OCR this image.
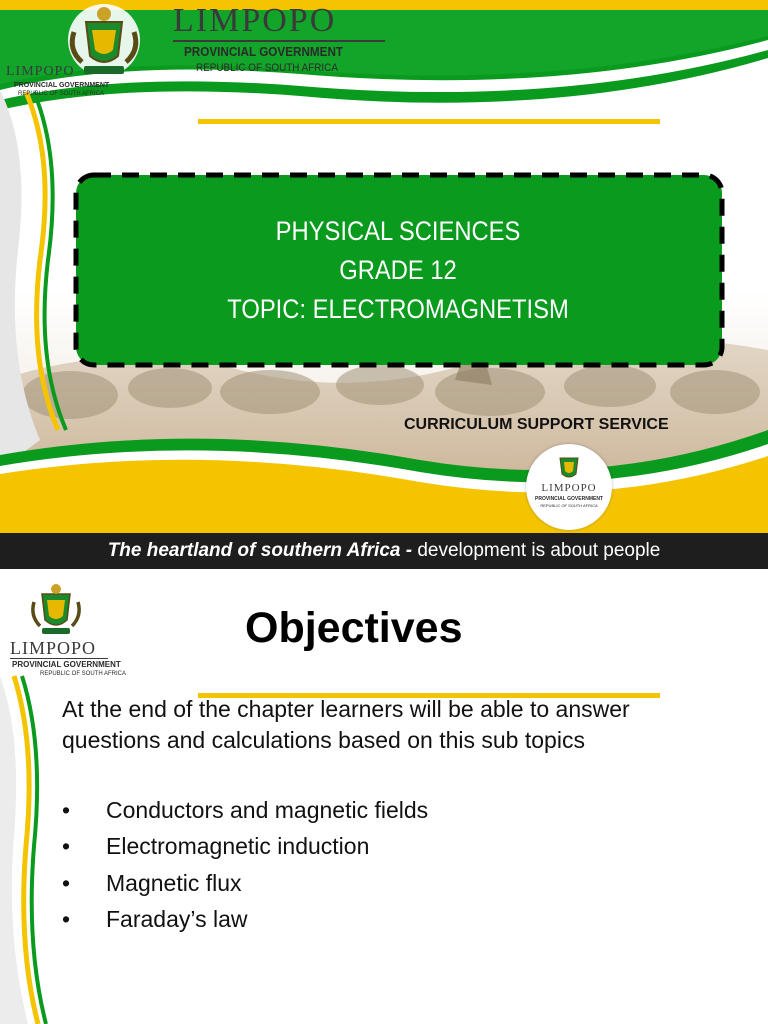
LIMPOPO
PROVINCIAL GOVERNMENT
REPUBLIC OF SOUTH AFRICA
LIMPOPO
PROVINCIAL GOVERNMENT
REPUBLIC OF SOUTH AFRICA
PHYSICAL SCIENCES
GRADE 12
TOPIC: ELECTROMAGNETISM
CURRICULUM SUPPORT SERVICE
LIMPOPO
PROVINCIAL GOVERNMENT
REPUBLIC OF SOUTH AFRICA
The heartland of southern Africa - development is about people
LIMPOPO
PROVINCIAL GOVERNMENT
REPUBLIC OF SOUTH AFRICA
Objectives
At the end of the chapter learners will be able to answer
questions and calculations based on this sub topics
• Conductors and magnetic fields
• Electromagnetic induction
• Magnetic flux
• Faraday’s law
